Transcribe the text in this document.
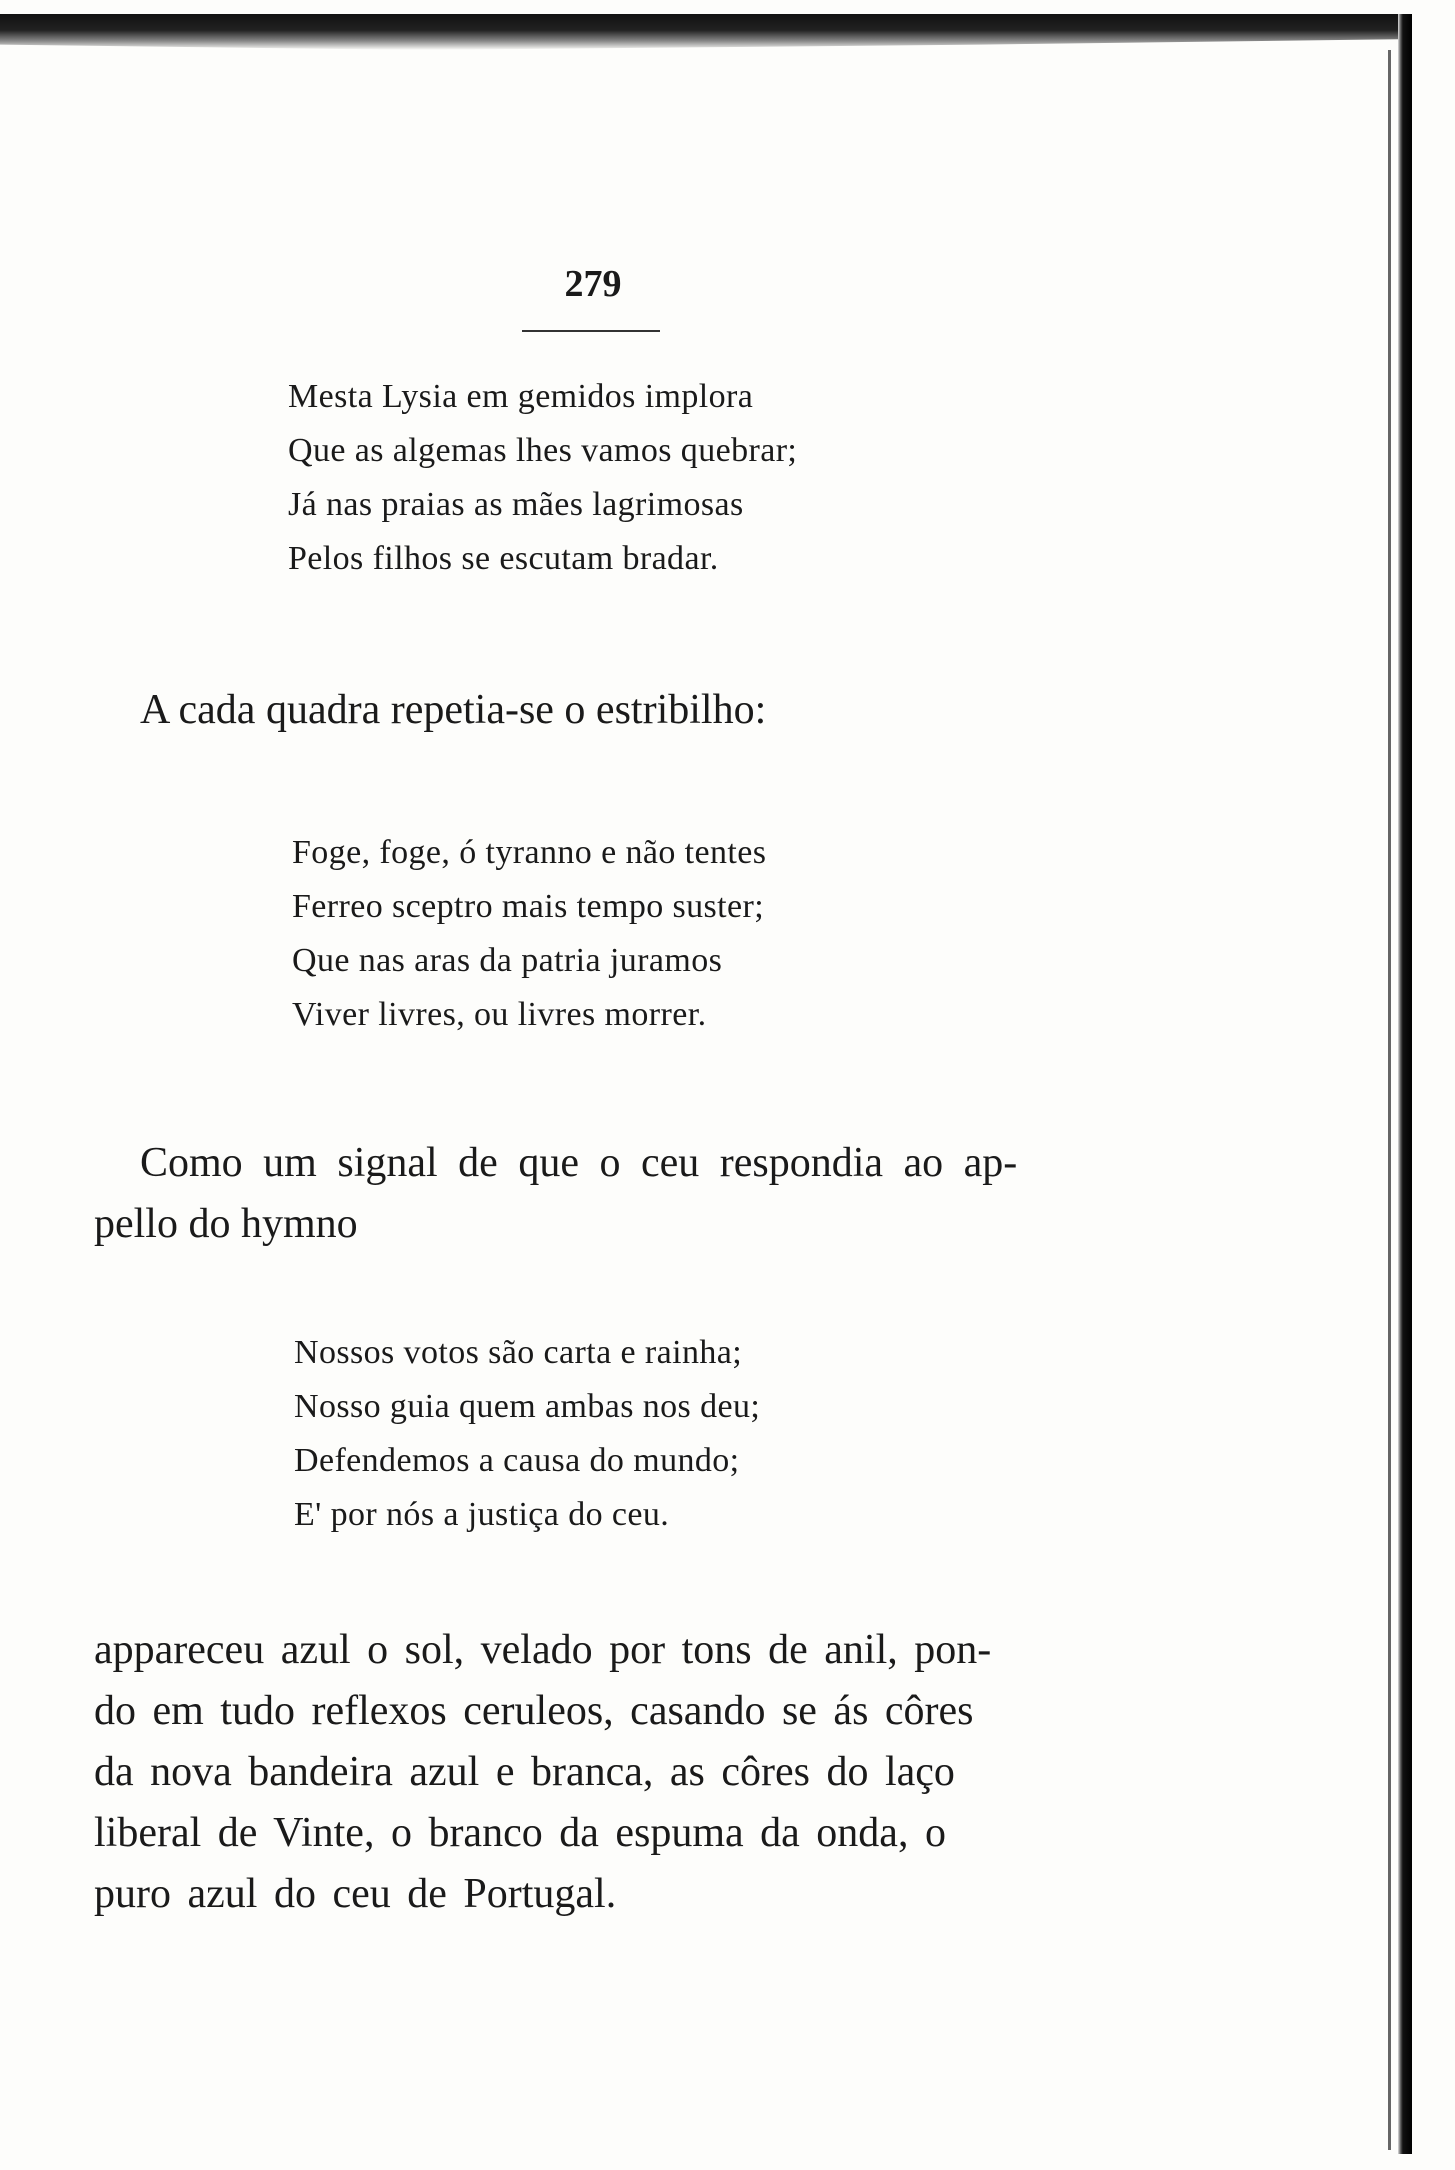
279
Mesta Lysia em gemidos implora
Que as algemas lhes vamos quebrar;
Já nas praias as mães lagrimosas
Pelos filhos se escutam bradar.
A cada quadra repetia-se o estribilho:
Foge, foge, ó tyranno e não tentes
Ferreo sceptro mais tempo suster;
Que nas aras da patria juramos
Viver livres, ou livres morrer.
Como um signal de que o ceu respondia ao ap-
pello do hymno
Nossos votos são carta e rainha;
Nosso guia quem ambas nos deu;
Defendemos a causa do mundo;
E' por nós a justiça do ceu.
appareceu azul o sol, velado por tons de anil, pon-
do em tudo reflexos ceruleos, casando se ás côres
da nova bandeira azul e branca, as côres do laço
liberal de Vinte, o branco da espuma da onda, o
puro azul do ceu de Portugal.
